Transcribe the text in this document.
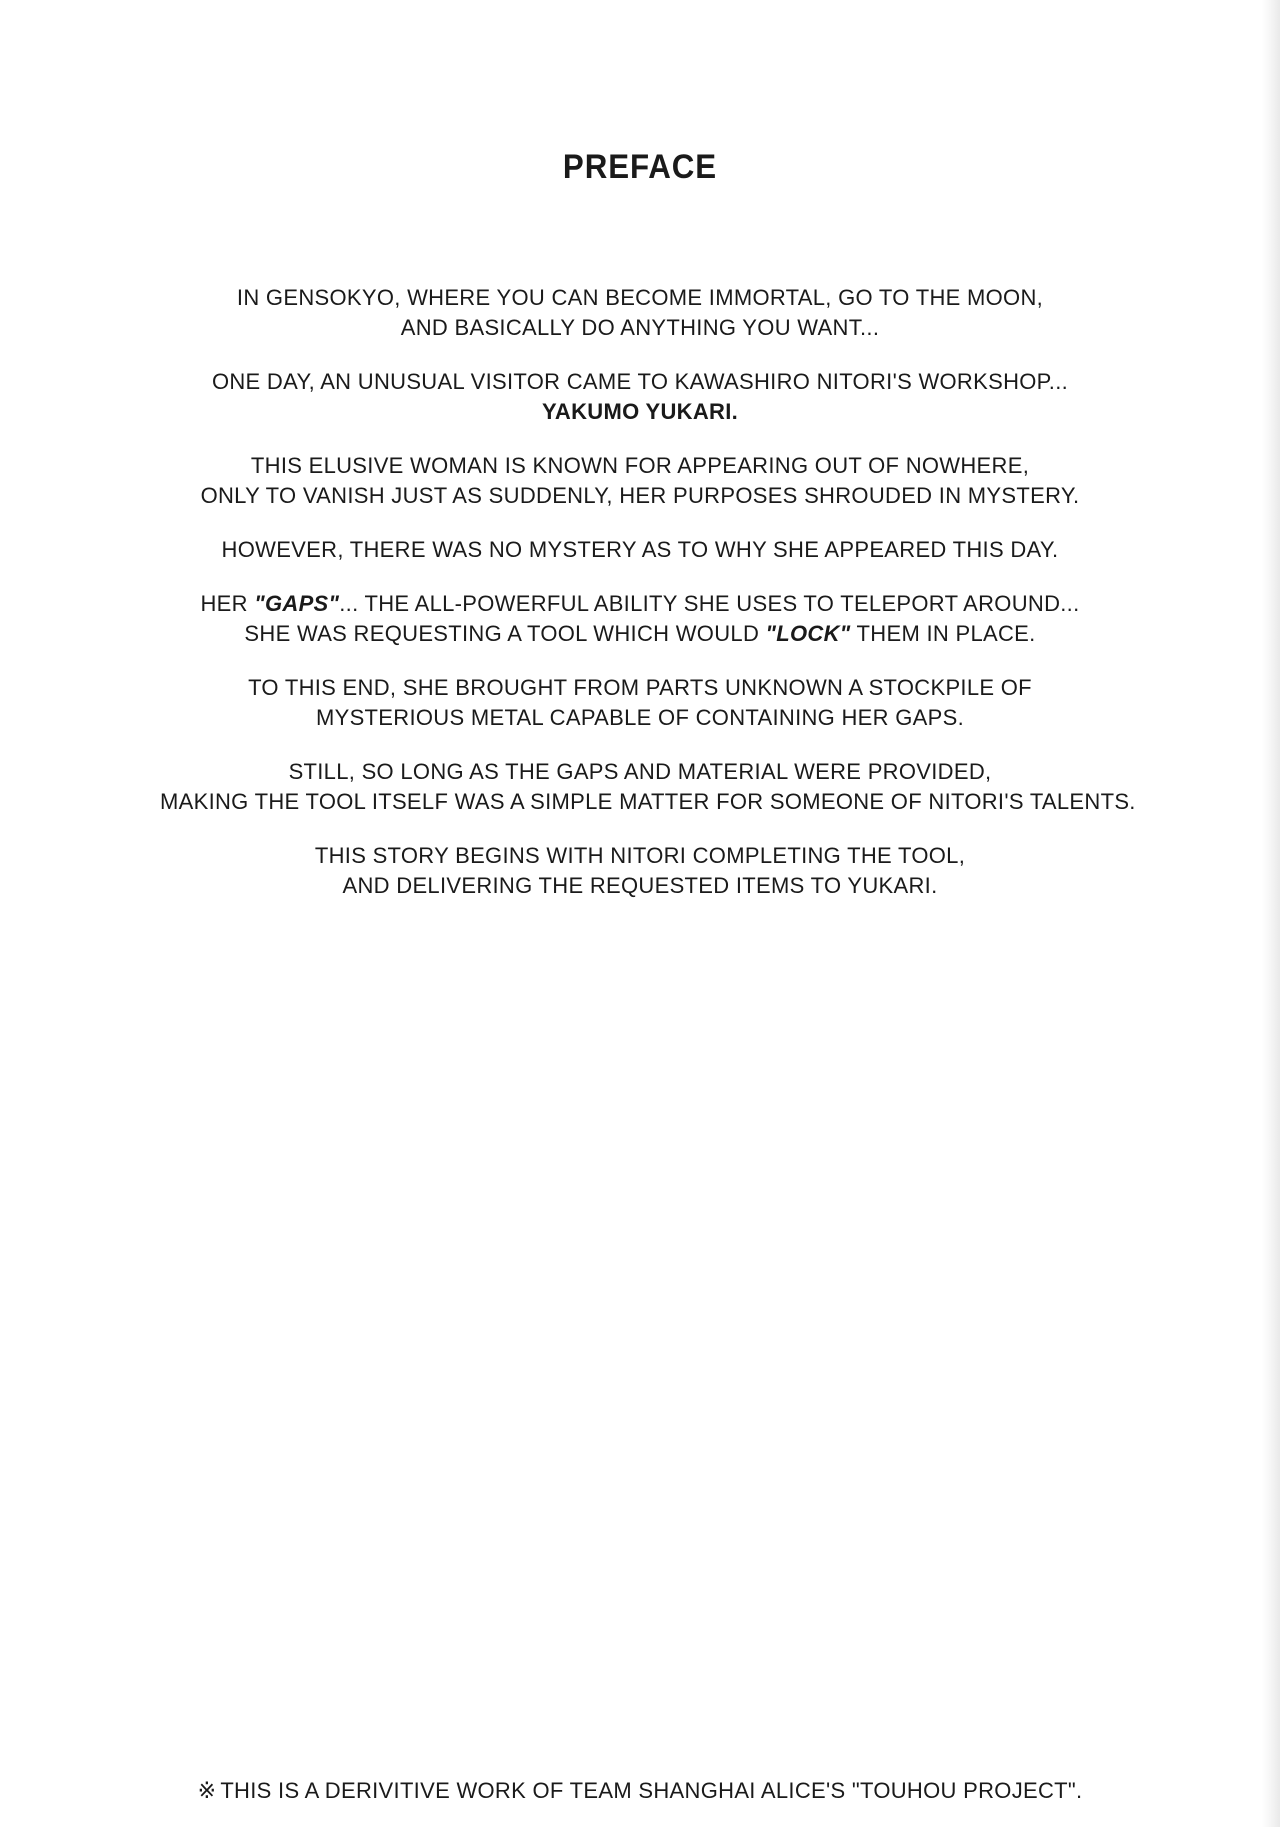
PREFACE
IN GENSOKYO, WHERE YOU CAN BECOME IMMORTAL, GO TO THE MOON,
AND BASICALLY DO ANYTHING YOU WANT...
ONE DAY, AN UNUSUAL VISITOR CAME TO KAWASHIRO NITORI'S WORKSHOP...
YAKUMO YUKARI.
THIS ELUSIVE WOMAN IS KNOWN FOR APPEARING OUT OF NOWHERE,
ONLY TO VANISH JUST AS SUDDENLY, HER PURPOSES SHROUDED IN MYSTERY.
HOWEVER, THERE WAS NO MYSTERY AS TO WHY SHE APPEARED THIS DAY.
HER "GAPS"... THE ALL-POWERFUL ABILITY SHE USES TO TELEPORT AROUND...
SHE WAS REQUESTING A TOOL WHICH WOULD "LOCK" THEM IN PLACE.
TO THIS END, SHE BROUGHT FROM PARTS UNKNOWN A STOCKPILE OF
MYSTERIOUS METAL CAPABLE OF CONTAINING HER GAPS.
STILL, SO LONG AS THE GAPS AND MATERIAL WERE PROVIDED,
MAKING THE TOOL ITSELF WAS A SIMPLE MATTER FOR SOMEONE OF NITORI'S TALENTS.
THIS STORY BEGINS WITH NITORI COMPLETING THE TOOL,
AND DELIVERING THE REQUESTED ITEMS TO YUKARI.
※ THIS IS A DERIVITIVE WORK OF TEAM SHANGHAI ALICE'S "TOUHOU PROJECT".
